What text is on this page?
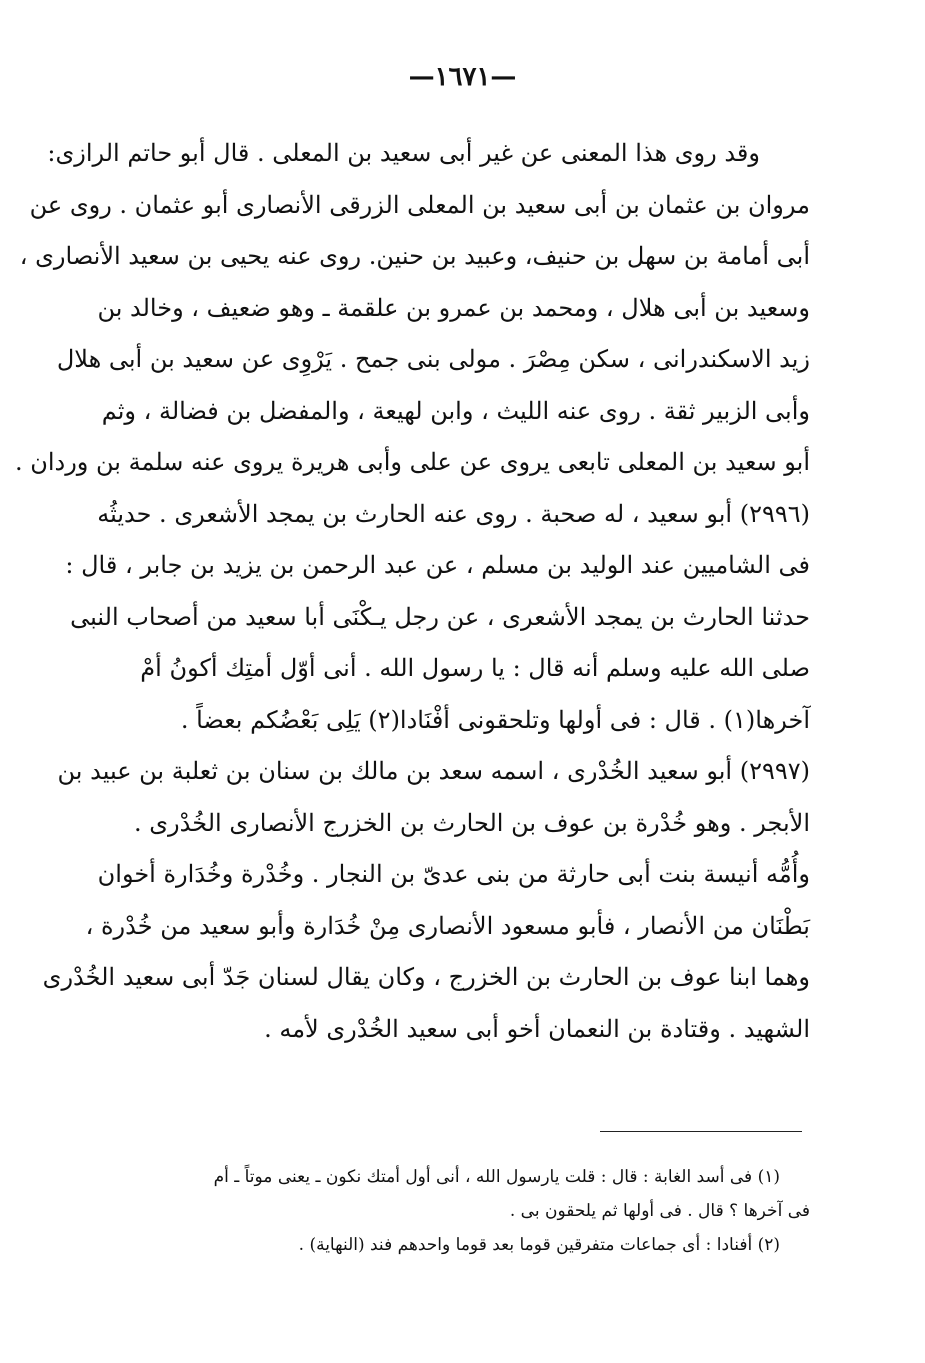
—١٦٧١—
وقد روى هذا المعنى عن غير أبى سعيد بن المعلى . قال أبو حاتم الرازى:
مروان بن عثمان بن أبى سعيد بن المعلى الزرقى الأنصارى أبو عثمان . روى عن
أبى أمامة بن سهل بن حنيف، وعبيد بن حنين. روى عنه يحيى بن سعيد الأنصارى ،
وسعيد بن أبى هلال ، ومحمد بن عمرو بن علقمة ـ وهو ضعيف ، وخالد بن
زيد الاسكندرانى ، سكن مِصْرَ . مولى بنى جمح . يَرْوِى عن سعيد بن أبى هلال
وأبى الزبير ثقة . روى عنه الليث ، وابن لهيعة ، والمفضل بن فضالة ، وثم
أبو سعيد بن المعلى تابعى يروى عن على وأبى هريرة يروى عنه سلمة بن وردان .
(٢٩٩٦) أبو سعيد ، له صحبة . روى عنه الحارث بن يمجد الأشعرى . حديثُه
فى الشاميين عند الوليد بن مسلم ، عن عبد الرحمن بن يزيد بن جابر ، قال :
حدثنا الحارث بن يمجد الأشعرى ، عن رجل يـكْنَى أبا سعيد من أصحاب النبى
صلى الله عليه وسلم أنه قال : يا رسول الله . أنى أوّل أمتِك أكونُ أمْ
آخرها(١) . قال : فى أولها وتلحقونى أفْنَادا(٢) يَلِى بَعْضُكم بعضاً .
(٢٩٩٧) أبو سعيد الخُدْرى ، اسمه سعد بن مالك بن سنان بن ثعلبة بن عبيد بن
الأبجر . وهو خُدْرة بن عوف بن الحارث بن الخزرج الأنصارى الخُدْرى .
وأُمُّه أنيسة بنت أبى حارثة من بنى عدىّ بن النجار . وخُدْرة وخُدَارة أخوان
بَطْنَان من الأنصار ، فأبو مسعود الأنصارى مِنْ خُدَارة وأبو سعيد من خُدْرة ،
وهما ابنا عوف بن الحارث بن الخزرج ، وكان يقال لسنان جَدّ أبى سعيد الخُدْرى
الشهيد . وقتادة بن النعمان أخو أبى سعيد الخُدْرى لأمه .
(١) فى أسد الغابة : قال : قلت يارسول الله ، أنى أول أمتك نكون ـ يعنى موتاً ـ أم
فى آخرها ؟ قال . فى أولها ثم يلحقون بى .
(٢) أفنادا : أى جماعات متفرقين قوما بعد قوما واحدهم فند (النهاية) .
